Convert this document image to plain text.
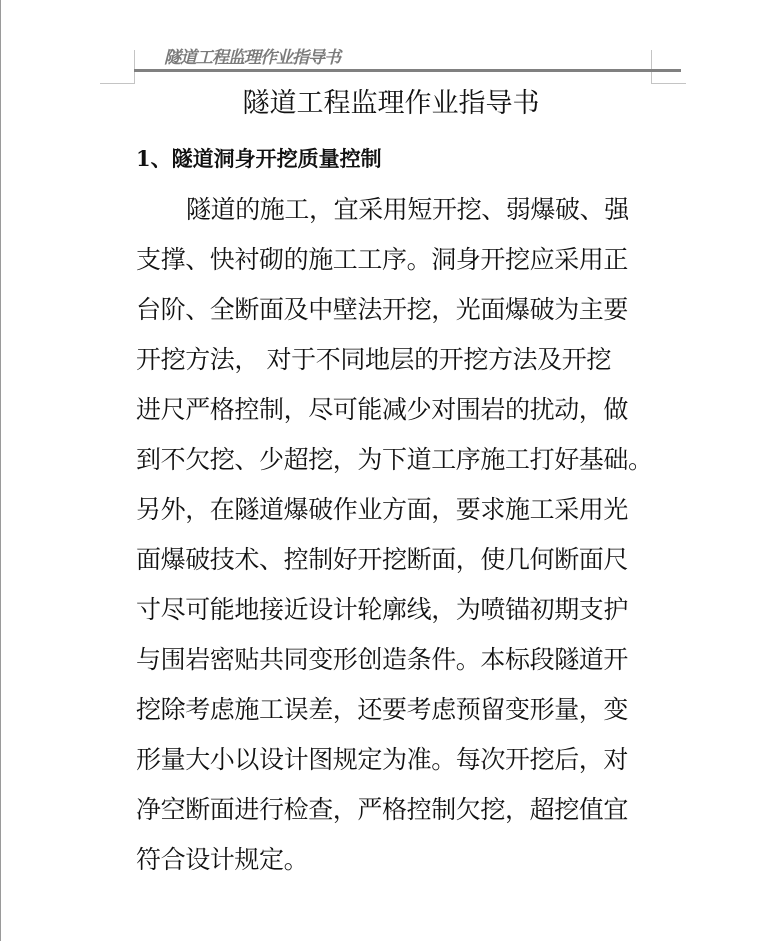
隧道工程监理作业指导书
隧道工程监理作业指导书
1、隧道洞身开挖质量控制
隧道的施工，宜采用短开挖、弱爆破、强
支撑、快衬砌的施工工序。洞身开挖应采用正
台阶、全断面及中壁法开挖，光面爆破为主要
开挖方法， 对于不同地层的开挖方法及开挖
进尺严格控制，尽可能减少对围岩的扰动，做
到不欠挖、少超挖，为下道工序施工打好基础。
另外，在隧道爆破作业方面，要求施工采用光
面爆破技术、控制好开挖断面，使几何断面尺
寸尽可能地接近设计轮廓线，为喷锚初期支护
与围岩密贴共同变形创造条件。本标段隧道开
挖除考虑施工误差，还要考虑预留变形量，变
形量大小以设计图规定为准。每次开挖后，对
净空断面进行检查，严格控制欠挖，超挖值宜
符合设计规定。
